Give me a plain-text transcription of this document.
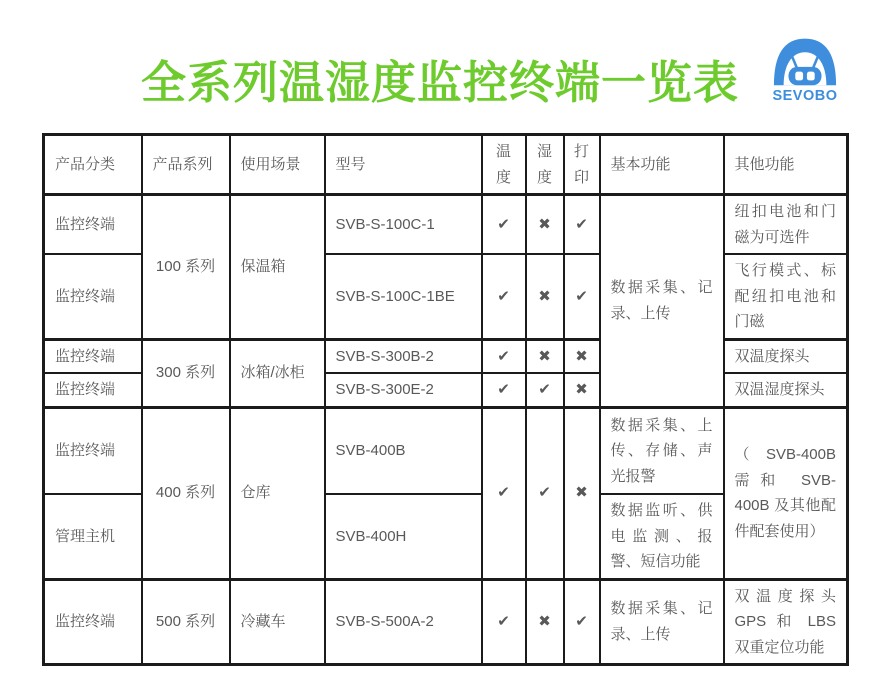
全系列温湿度监控终端一览表	SEVOBO
产品分类	产品系列	使用场景	型号	温度	湿度	打印	基本功能	其他功能
监控终端	100 系列	保温箱	SVB-S-100C-1	✔	✖	✔	数据采集、记录、上传	纽扣电池和门磁为可选件
监控终端			SVB-S-100C-1BE	✔	✖	✔		飞行模式、标配纽扣电池和门磁
监控终端	300 系列	冰箱/冰柜	SVB-S-300B-2	✔	✖	✖		双温度探头
监控终端			SVB-S-300E-2	✔	✔	✖		双温湿度探头
监控终端	400 系列	仓库	SVB-400B	✔	✔	✖	数据采集、上传、存储、声光报警	（SVB-400B 需和 SVB-400B 及其他配件配套使用）
管理主机			SVB-400H				数据监听、供电监测、报警、短信功能	
监控终端	500 系列	冷藏车	SVB-S-500A-2	✔	✖	✔	数据采集、记录、上传	双温度探头 GPS 和 LBS 双重定位功能
